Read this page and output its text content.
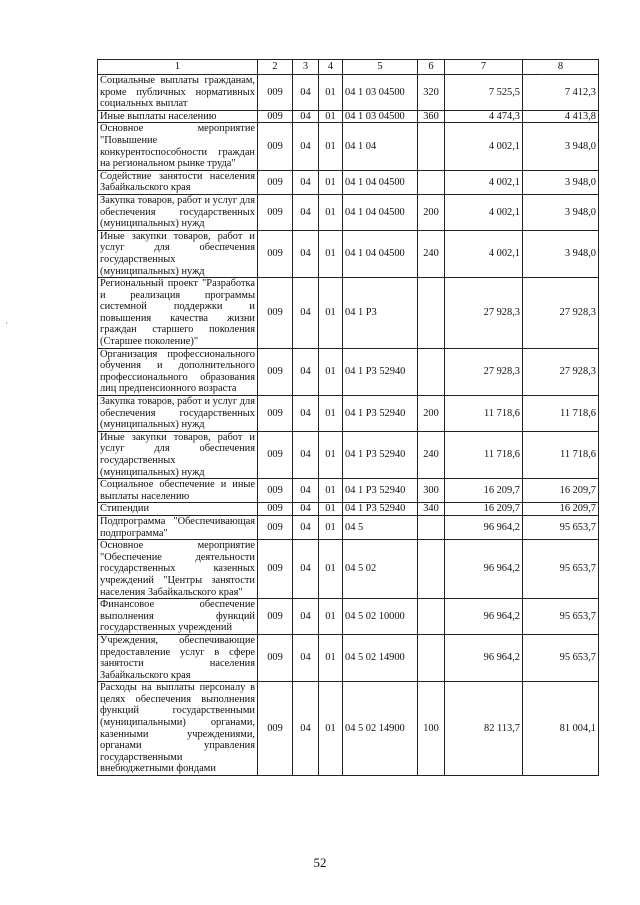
.
·
1	2	3	4	5	6	7	8
Социальные выплаты гражданам, кроме публичных нормативных социальных выплат	009	04	01	04 1 03 04500	320	7 525,5	7 412,3
Иные выплаты населению	009	04	01	04 1 03 04500	360	4 474,3	4 413,8
Основное мероприятие "Повышение конкурентоспособности граждан на региональном рынке труда"	009	04	01	04 1 04		4 002,1	3 948,0
Содействие занятости населения Забайкальского края	009	04	01	04 1 04 04500		4 002,1	3 948,0
Закупка товаров, работ и услуг для обеспечения государственных (муниципальных) нужд	009	04	01	04 1 04 04500	200	4 002,1	3 948,0
Иные закупки товаров, работ и услуг для обеспечения государственных (муниципальных) нужд	009	04	01	04 1 04 04500	240	4 002,1	3 948,0
Региональный проект "Разработка и реализация программы системной поддержки и повышения качества жизни граждан старшего поколения (Старшее поколение)"	009	04	01	04 1 P3		27 928,3	27 928,3
Организация профессионального обучения и дополнительного профессионального образования лиц предпенсионного возраста	009	04	01	04 1 P3 52940		27 928,3	27 928,3
Закупка товаров, работ и услуг для обеспечения государственных (муниципальных) нужд	009	04	01	04 1 P3 52940	200	11 718,6	11 718,6
Иные закупки товаров, работ и услуг для обеспечения государственных (муниципальных) нужд	009	04	01	04 1 P3 52940	240	11 718,6	11 718,6
Социальное обеспечение и иные выплаты населению	009	04	01	04 1 P3 52940	300	16 209,7	16 209,7
Стипендии	009	04	01	04 1 P3 52940	340	16 209,7	16 209,7
Подпрограмма "Обеспечивающая подпрограмма"	009	04	01	04 5		96 964,2	95 653,7
Основное мероприятие "Обеспечение деятельности государственных казенных учреждений "Центры занятости населения Забайкальского края"	009	04	01	04 5 02		96 964,2	95 653,7
Финансовое обеспечение выполнения функций государственных учреждений	009	04	01	04 5 02 10000		96 964,2	95 653,7
Учреждения, обеспечивающие предоставление услуг в сфере занятости населения Забайкальского края	009	04	01	04 5 02 14900		96 964,2	95 653,7
Расходы на выплаты персоналу в целях обеспечения выполнения функций государственными (муниципальными) органами, казенными учреждениями, органами управления государственными внебюджетными фондами	009	04	01	04 5 02 14900	100	82 113,7	81 004,1
52
